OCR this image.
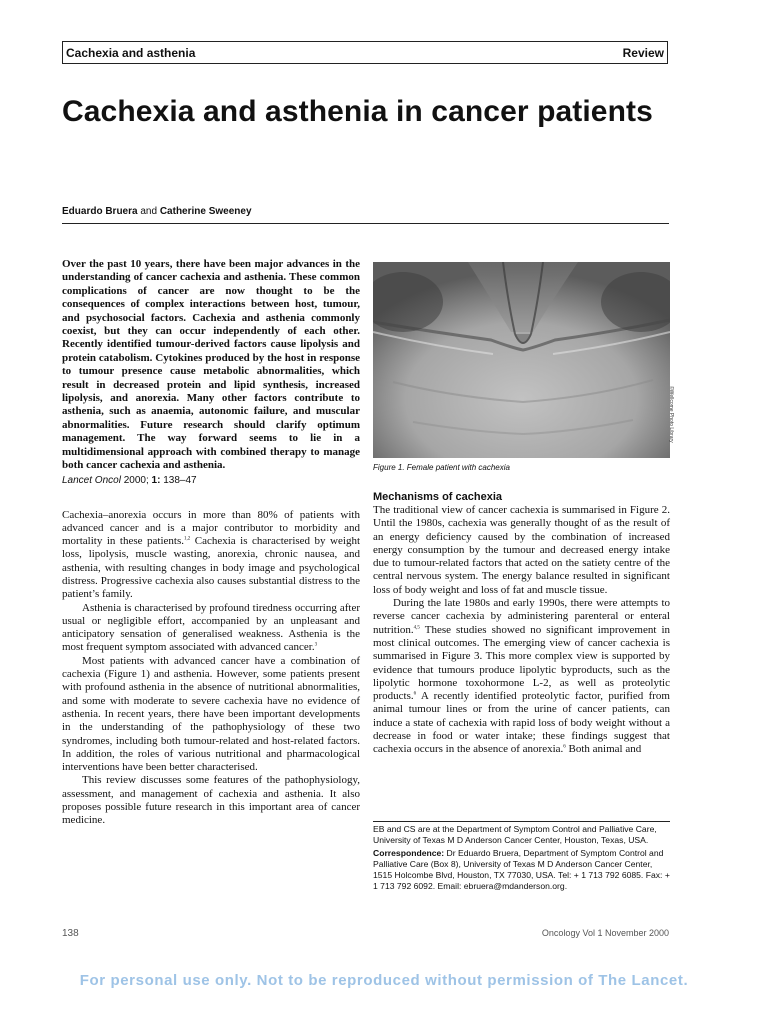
Cachexia and asthenia	Review
Cachexia and asthenia in cancer patients
Eduardo Bruera and Catherine Sweeney

Over the past 10 years, there have been major advances in the understanding of cancer cachexia and asthenia. These common complications of cancer are now thought to be the consequences of complex interactions between host, tumour, and psychosocial factors. Cachexia and asthenia commonly coexist, but they can occur independently of each other. Recently identified tumour-derived factors cause lipolysis and protein catabolism. Cytokines produced by the host in response to tumour presence cause metabolic abnormalities, which result in decreased protein and lipid synthesis, increased lipolysis, and anorexia. Many other factors contribute to asthenia, such as anaemia, autonomic failure, and muscular abnormalities. Future research should clarify optimum management. The way forward seems to lie in a multidimensional approach with combined therapy to manage both cancer cachexia and asthenia.

Lancet Oncol 2000; 1: 138–47

Cachexia–anorexia occurs in more than 80% of patients with advanced cancer and is a major contributor to morbidity and mortality in these patients.$^{1,2}$ Cachexia is characterised by weight loss, lipolysis, muscle wasting, anorexia, chronic nausea, and asthenia, with resulting changes in body image and psychological distress. Progressive cachexia also causes substantial distress to the patient’s family.

Asthenia is characterised by profound tiredness occurring after usual or negligible effort, accompanied by an unpleasant and anticipatory sensation of generalised weakness. Asthenia is the most frequent symptom associated with advanced cancer.$^3$

Most patients with advanced cancer have a combination of cachexia (Figure 1) and asthenia. However, some patients present with profound asthenia in the absence of nutritional abnormalities, and some with moderate to severe cachexia have no evidence of asthenia. In recent years, there have been important developments in the understanding of the pathophysiology of these two syndromes, including both tumour-related and host-related factors. In addition, the roles of various nutritional and pharmacological interventions have been better characterised.

This review discusses some features of the pathophysiology, assessment, and management of cachexia and asthenia. It also proposes possible future research in this important area of cancer medicine.

Figure 1. Female patient with cachexia

Mechanisms of cachexia

The traditional view of cancer cachexia is summarised in Figure 2. Until the 1980s, cachexia was generally thought of as the result of an energy deficiency caused by the combination of increased energy consumption by the tumour and decreased energy intake due to tumour-related factors that acted on the satiety centre of the central nervous system. The energy balance resulted in significant loss of body weight and loss of fat and muscle tissue.

During the late 1980s and early 1990s, there were attempts to reverse cancer cachexia by administering parenteral or enteral nutrition.$^{4,5}$ These studies showed no significant improvement in most clinical outcomes. The emerging view of cancer cachexia is summarised in Figure 3. This more complex view is supported by evidence that tumours produce lipolytic byproducts, such as the lipolytic hormone toxohormone L-2, as well as proteolytic products.$^6$ A recently identified proteolytic factor, purified from animal tumour lines or from the urine of cancer patients, can induce a state of cachexia with rapid loss of body weight without a decrease in food or water intake; these findings suggest that cachexia occurs in the absence of anorexia.$^6$ Both animal and

©Wellcome Photo Library

EB and CS are at the Department of Symptom Control and Palliative Care, University of Texas M D Anderson Cancer Center, Houston, Texas, USA.

Correspondence: Dr Eduardo Bruera, Department of Symptom Control and Palliative Care (Box 8), University of Texas M D Anderson Cancer Center, 1515 Holcombe Blvd, Houston, TX 77030, USA. Tel: + 1 713 792 6085. Fax: + 1 713 792 6092. Email: ebruera@mdanderson.org.

138	Oncology Vol 1 November 2000
For personal use only. Not to be reproduced without permission of The Lancet.
